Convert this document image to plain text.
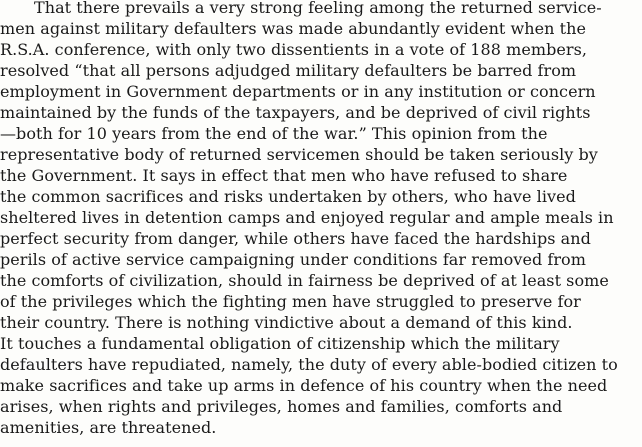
That there prevails a very strong feeling among the returned service-
men against military defaulters was made abundantly evident when the
R.S.A. conference, with only two dissentients in a vote of 188 members,
resolved “that all persons adjudged military defaulters be barred from
employment in Government departments or in any institution or concern
maintained by the funds of the taxpayers, and be deprived of civil rights
—both for 10 years from the end of the war.” This opinion from the
representative body of returned servicemen should be taken seriously by
the Government. It says in effect that men who have refused to share
the common sacrifices and risks undertaken by others, who have lived
sheltered lives in detention camps and enjoyed regular and ample meals in
perfect security from danger, while others have faced the hardships and
perils of active service campaigning under conditions far removed from
the comforts of civilization, should in fairness be deprived of at least some
of the privileges which the fighting men have struggled to preserve for
their country. There is nothing vindictive about a demand of this kind.
It touches a fundamental obligation of citizenship which the military
defaulters have repudiated, namely, the duty of every able-bodied citizen to
make sacrifices and take up arms in defence of his country when the need
arises, when rights and privileges, homes and families, comforts and
amenities, are threatened.
